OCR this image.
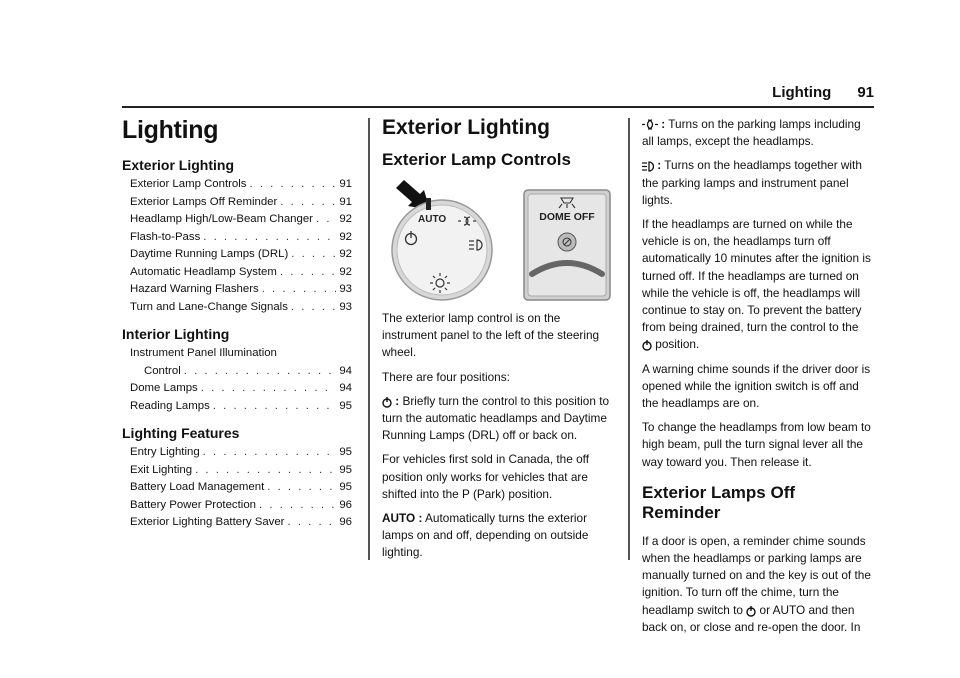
Lighting 91
Lighting
Exterior Lighting
Exterior Lamp Controls . . .	91
Exterior Lamps Off Reminder . . .	91
Headlamp High/Low-Beam Changer . . . 92
Flash-to-Pass . . .	92
Daytime Running Lamps (DRL) . . .	92
Automatic Headlamp System . . .	92
Hazard Warning Flashers . . .	93
Turn and Lane-Change Signals . . .	93
Interior Lighting
Instrument Panel Illumination
Control . . .	94
Dome Lamps . . .	94
Reading Lamps . . .	95
Lighting Features
Entry Lighting . . .	95
Exit Lighting . . .	95
Battery Load Management . . .	95
Battery Power Protection . . .	96
Exterior Lighting Battery Saver . . .	96
Exterior Lighting
Exterior Lamp Controls
AUTO	DOME OFF

The exterior lamp control is on the instrument panel to the left of the steering wheel.

There are four positions:

: Briefly turn the control to this position to turn the automatic headlamps and Daytime Running Lamps (DRL) off or back on.

For vehicles first sold in Canada, the off position only works for vehicles that are shifted into the P (Park) position.

AUTO : Automatically turns the exterior lamps on and off, depending on outside lighting.

: Turns on the parking lamps including all lamps, except the headlamps.

: Turns on the headlamps together with the parking lamps and instrument panel lights.

If the headlamps are turned on while the vehicle is on, the headlamps turn off automatically 10 minutes after the ignition is turned off. If the headlamps are turned on while the vehicle is off, the headlamps will continue to stay on. To prevent the battery from being drained, turn the control to the
position.

A warning chime sounds if the driver door is opened while the ignition switch is off and the headlamps are on.

To change the headlamps from low beam to high beam, pull the turn signal lever all the way toward you. Then release it.

Exterior Lamps Off Reminder

If a door is open, a reminder chime sounds when the headlamps or parking lamps are manually turned on and the key is out of the ignition. To turn off the chime, turn the headlamp switch to  or AUTO and then back on, or close and re-open the door. In
